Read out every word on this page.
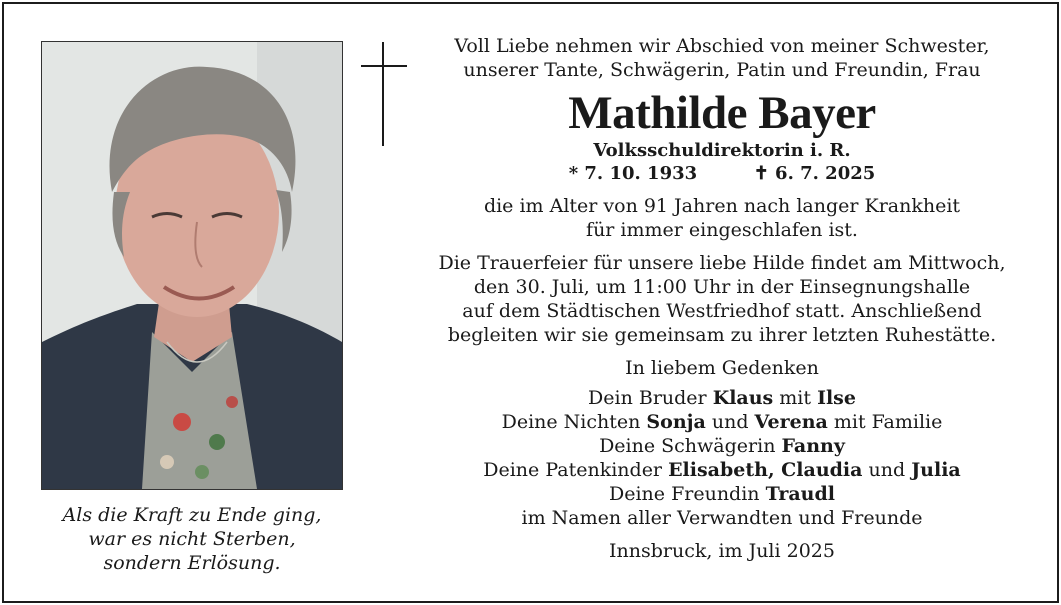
Als die Kraft zu Ende ging,
war es nicht Sterben,
sondern Erlösung.
Voll Liebe nehmen wir Abschied von meiner Schwester,
unserer Tante, Schwägerin, Patin und Freundin, Frau
Mathilde Bayer
Volksschuldirektorin i. R.
* 7. 10. 1933	✝ 6. 7. 2025
die im Alter von 91 Jahren nach langer Krankheit
für immer eingeschlafen ist.
Die Trauerfeier für unsere liebe Hilde findet am Mittwoch,
den 30. Juli, um 11:00 Uhr in der Einsegnungshalle
auf dem Städtischen Westfriedhof statt. Anschließend
begleiten wir sie gemeinsam zu ihrer letzten Ruhestätte.
In liebem Gedenken
Dein Bruder Klaus mit Ilse
Deine Nichten Sonja und Verena mit Familie
Deine Schwägerin Fanny
Deine Patenkinder Elisabeth, Claudia und Julia
Deine Freundin Traudl
im Namen aller Verwandten und Freunde
Innsbruck, im Juli 2025
